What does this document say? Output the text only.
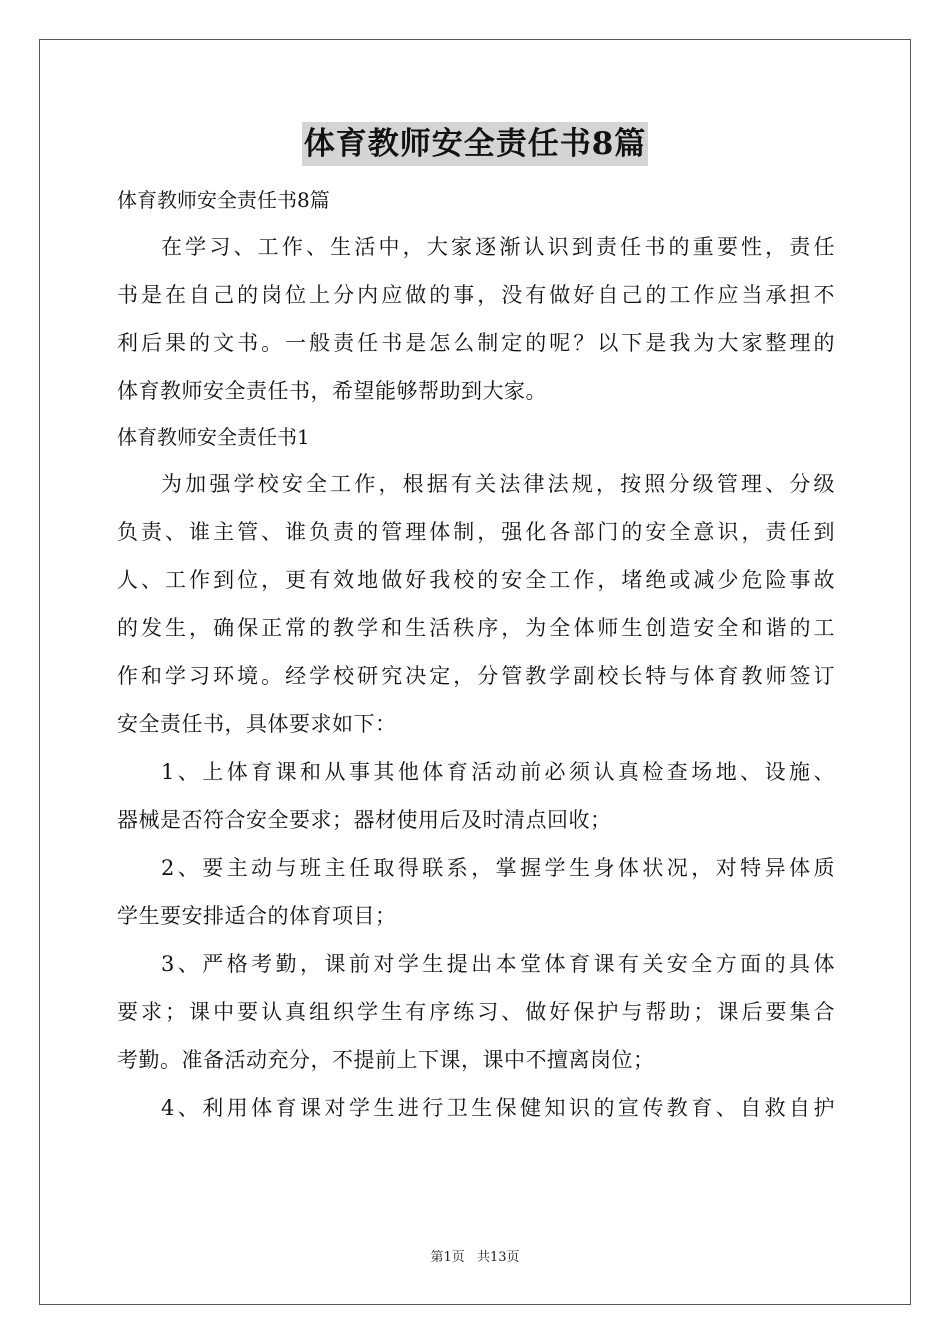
体育教师安全责任书8篇
体育教师安全责任书8篇
在学习、工作、生活中，大家逐渐认识到责任书的重要性，责任
书是在自己的岗位上分内应做的事，没有做好自己的工作应当承担不
利后果的文书。一般责任书是怎么制定的呢？以下是我为大家整理的
体育教师安全责任书，希望能够帮助到大家。
体育教师安全责任书1
为加强学校安全工作，根据有关法律法规，按照分级管理、分级
负责、谁主管、谁负责的管理体制，强化各部门的安全意识，责任到
人、工作到位，更有效地做好我校的安全工作，堵绝或减少危险事故
的发生，确保正常的教学和生活秩序，为全体师生创造安全和谐的工
作和学习环境。经学校研究决定，分管教学副校长特与体育教师签订
安全责任书，具体要求如下：
1、上体育课和从事其他体育活动前必须认真检查场地、设施、
器械是否符合安全要求；器材使用后及时清点回收；
2、要主动与班主任取得联系，掌握学生身体状况，对特异体质
学生要安排适合的体育项目；
3、严格考勤，课前对学生提出本堂体育课有关安全方面的具体
要求；课中要认真组织学生有序练习、做好保护与帮助；课后要集合
考勤。准备活动充分，不提前上下课，课中不擅离岗位；
4、利用体育课对学生进行卫生保健知识的宣传教育、自救自护
第1页 共13页
